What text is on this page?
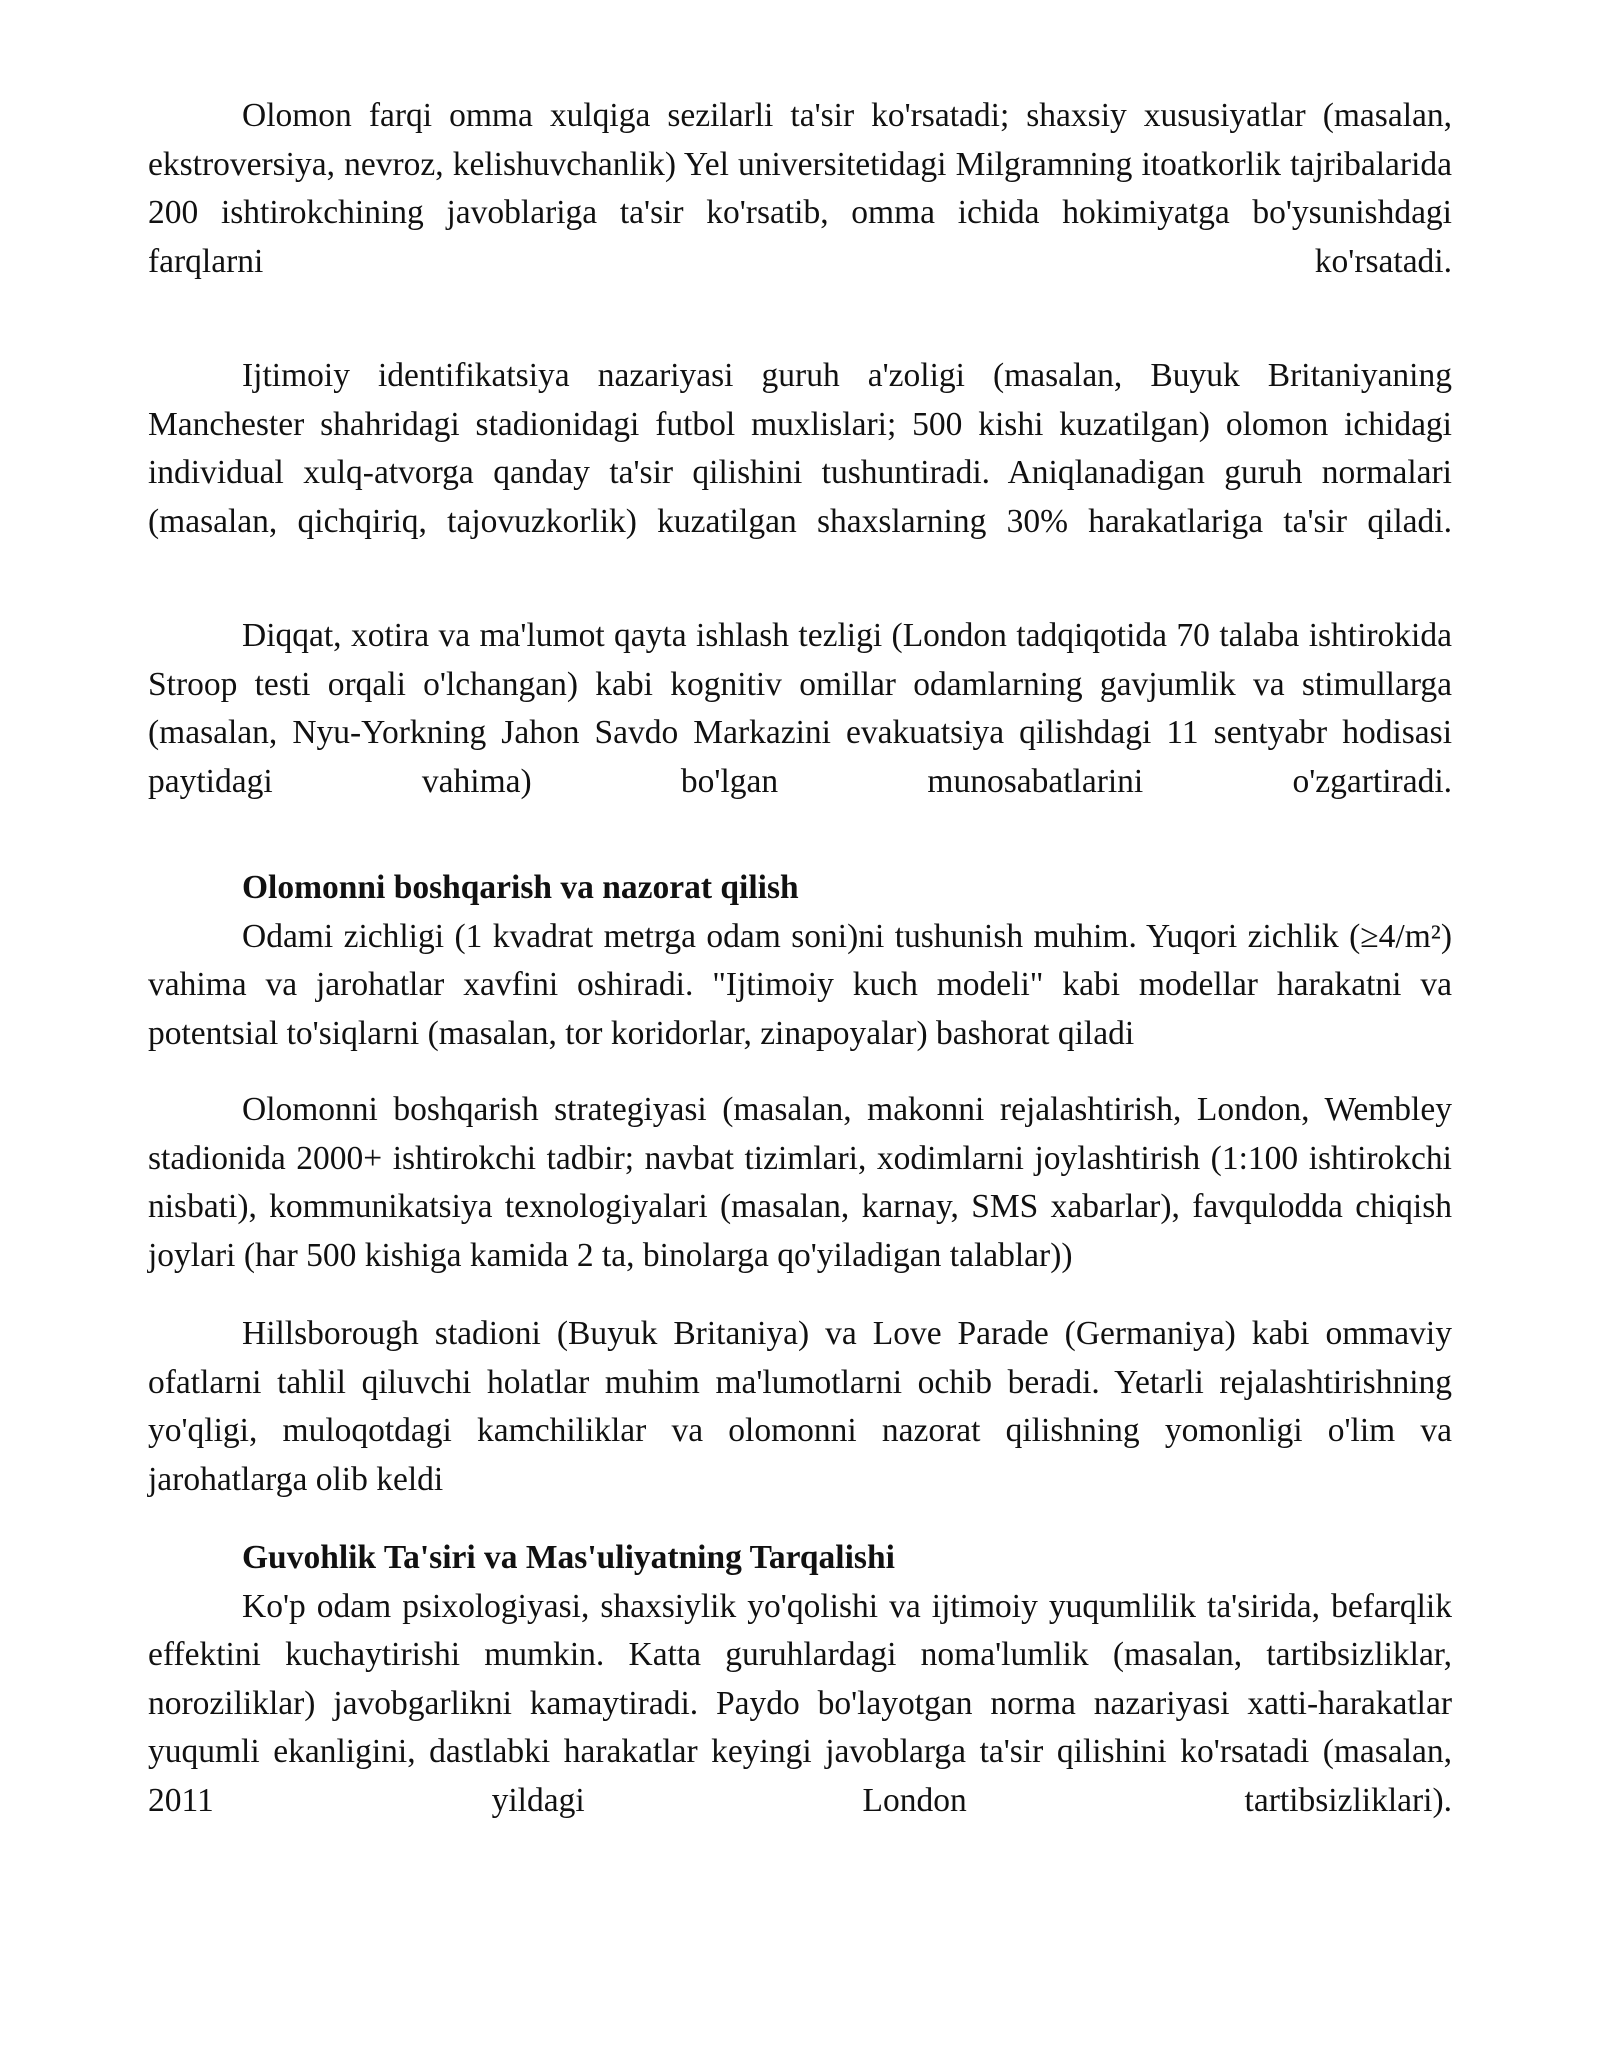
Olomon farqi omma xulqiga sezilarli ta'sir ko'rsatadi; shaxsiy xususiyatlar (masalan, ekstroversiya, nevroz, kelishuvchanlik) Yel universitetidagi Milgramning itoatkorlik tajribalarida 200 ishtirokchining javoblariga ta'sir ko'rsatib, omma ichida hokimiyatga bo'ysunishdagi farqlarni ko'rsatadi.

Ijtimoiy identifikatsiya nazariyasi guruh a'zoligi (masalan, Buyuk Britaniyaning Manchester shahridagi stadionidagi futbol muxlislari; 500 kishi kuzatilgan) olomon ichidagi individual xulq-atvorga qanday ta'sir qilishini tushuntiradi. Aniqlanadigan guruh normalari (masalan, qichqiriq, tajovuzkorlik) kuzatilgan shaxslarning 30% harakatlariga ta'sir qiladi.

Diqqat, xotira va ma'lumot qayta ishlash tezligi (London tadqiqotida 70 talaba ishtirokida Stroop testi orqali o'lchangan) kabi kognitiv omillar odamlarning gavjumlik va stimullarga (masalan, Nyu-Yorkning Jahon Savdo Markazini evakuatsiya qilishdagi 11 sentyabr hodisasi paytidagi vahima) bo'lgan munosabatlarini o'zgartiradi.

Olomonni boshqarish va nazorat qilish

Odami zichligi (1 kvadrat metrga odam soni)ni tushunish muhim. Yuqori zichlik (≥4/m²) vahima va jarohatlar xavfini oshiradi. "Ijtimoiy kuch modeli" kabi modellar harakatni va potentsial to'siqlarni (masalan, tor koridorlar, zinapoyalar) bashorat qiladi

Olomonni boshqarish strategiyasi (masalan, makonni rejalashtirish, London, Wembley stadionida 2000+ ishtirokchi tadbir; navbat tizimlari, xodimlarni joylashtirish (1:100 ishtirokchi nisbati), kommunikatsiya texnologiyalari (masalan, karnay, SMS xabarlar), favqulodda chiqish joylari (har 500 kishiga kamida 2 ta, binolarga qo'yiladigan talablar))

Hillsborough stadioni (Buyuk Britaniya) va Love Parade (Germaniya) kabi ommaviy ofatlarni tahlil qiluvchi holatlar muhim ma'lumotlarni ochib beradi. Yetarli rejalashtirishning yo'qligi, muloqotdagi kamchiliklar va olomonni nazorat qilishning yomonligi o'lim va jarohatlarga olib keldi

Guvohlik Ta'siri va Mas'uliyatning Tarqalishi

Ko'p odam psixologiyasi, shaxsiylik yo'qolishi va ijtimoiy yuqumlilik ta'sirida, befarqlik effektini kuchaytirishi mumkin. Katta guruhlardagi noma'lumlik (masalan, tartibsizliklar, noroziliklar) javobgarlikni kamaytiradi. Paydo bo'layotgan norma nazariyasi xatti-harakatlar yuqumli ekanligini, dastlabki harakatlar keyingi javoblarga ta'sir qilishini ko'rsatadi (masalan, 2011 yildagi London tartibsizliklari).
